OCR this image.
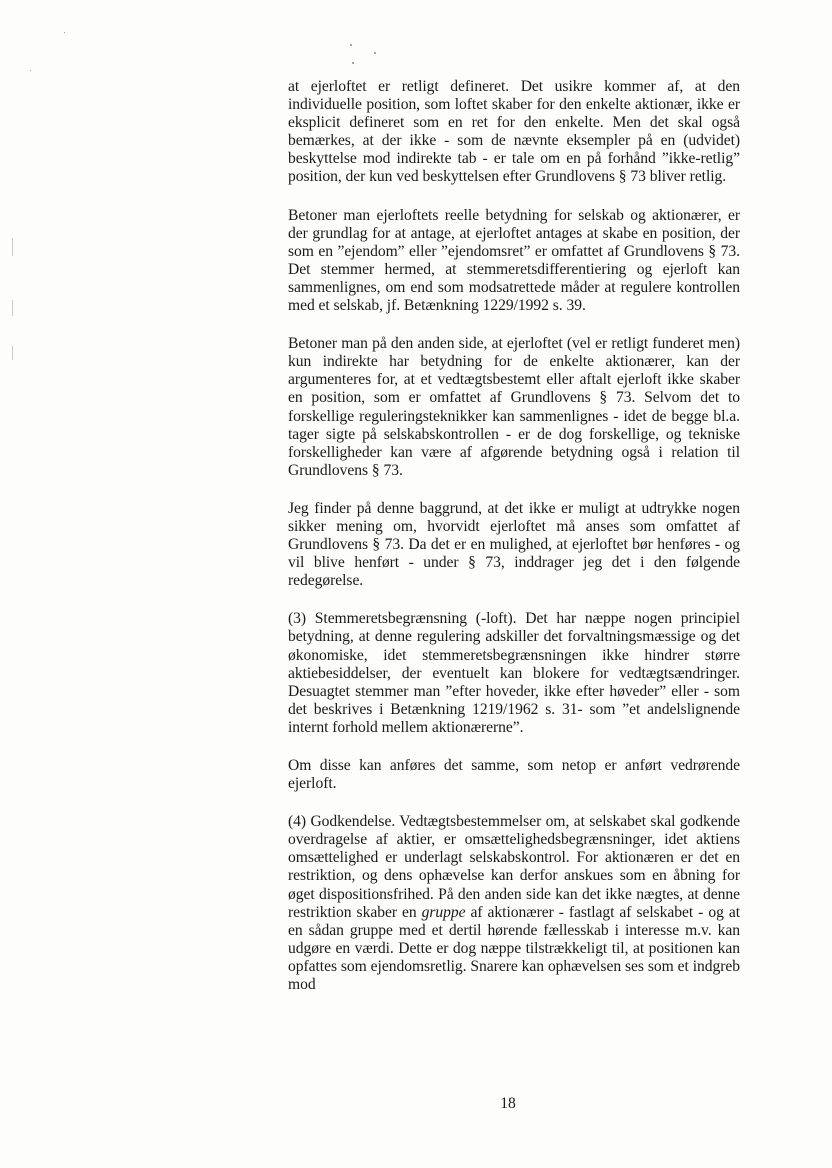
at ejerloftet er retligt defineret. Det usikre kommer af, at den individuelle position, som loftet skaber for den enkelte aktionær, ikke er eksplicit defineret som en ret for den enkelte. Men det skal også bemærkes, at der ikke - som de nævnte eksempler på en (udvidet) beskyttelse mod indirekte tab - er tale om en på forhånd ”ikke-retlig” position, der kun ved beskyttelsen efter Grundlovens § 73 bliver retlig.

Betoner man ejerloftets reelle betydning for selskab og aktionærer, er der grundlag for at antage, at ejerloftet antages at skabe en position, der som en ”ejendom” eller ”ejendomsret” er omfattet af Grundlovens § 73. Det stemmer hermed, at stemmeretsdifferentiering og ejerloft kan sammenlignes, om end som modsatrettede måder at regulere kontrollen med et selskab, jf. Betænkning 1229/1992 s. 39.

Betoner man på den anden side, at ejerloftet (vel er retligt funderet men) kun indirekte har betydning for de enkelte aktionærer, kan der argumenteres for, at et vedtægtsbestemt eller aftalt ejerloft ikke skaber en position, som er omfattet af Grundlovens § 73. Selvom det to forskellige reguleringsteknikker kan sammenlignes - idet de begge bl.a. tager sigte på selskabskontrollen - er de dog forskellige, og tekniske forskelligheder kan være af afgørende betydning også i relation til Grundlovens § 73.

Jeg finder på denne baggrund, at det ikke er muligt at udtrykke nogen sikker mening om, hvorvidt ejerloftet må anses som omfattet af Grundlovens § 73. Da det er en mulighed, at ejerloftet bør henføres - og vil blive henført - under § 73, inddrager jeg det i den følgende redegørelse.

(3) Stemmeretsbegrænsning (-loft). Det har næppe nogen principiel betydning, at denne regulering adskiller det forvaltningsmæssige og det økonomiske, idet stemmeretsbegrænsningen ikke hindrer større aktiebesiddelser, der eventuelt kan blokere for vedtægtsændringer. Desuagtet stemmer man ”efter hoveder, ikke efter høveder” eller - som det beskrives i Betænkning 1219/1962 s. 31- som ”et andelslignende internt forhold mellem aktionærerne”.

Om disse kan anføres det samme, som netop er anført vedrørende ejerloft.

(4) Godkendelse. Vedtægtsbestemmelser om, at selskabet skal godkende overdragelse af aktier, er omsættelighedsbegrænsninger, idet aktiens omsættelighed er underlagt selskabskontrol. For aktionæren er det en restriktion, og dens ophævelse kan derfor anskues som en åbning for øget dispositionsfrihed. På den anden side kan det ikke nægtes, at denne restriktion skaber en gruppe af aktionærer - fastlagt af selskabet - og at en sådan gruppe med et dertil hørende fællesskab i interesse m.v. kan udgøre en værdi. Dette er dog næppe tilstrækkeligt til, at positionen kan opfattes som ejendomsretlig. Snarere kan ophævelsen ses som et indgreb mod

18
